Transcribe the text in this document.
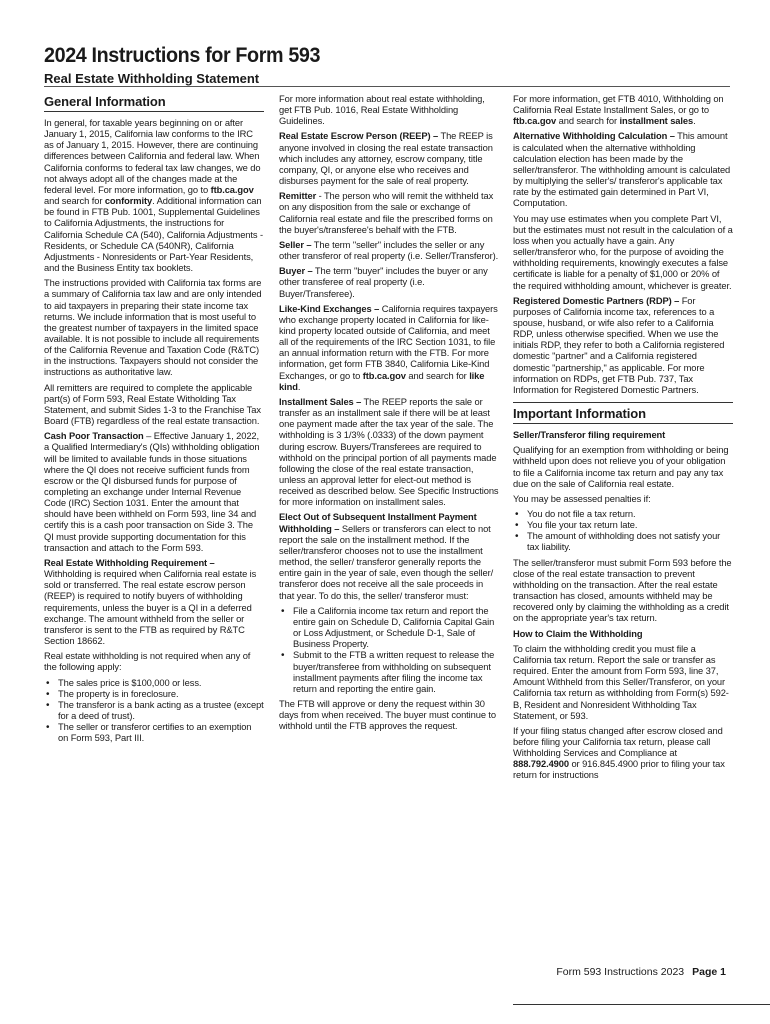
2024 Instructions for Form 593
Real Estate Withholding Statement
General Information

In general, for taxable years beginning on or after January 1, 2015, California law conforms to the IRC as of January 1, 2015. However, there are continuing differences between California and federal law. When California conforms to federal tax law changes, we do not always adopt all of the changes made at the federal level. For more information, go to ftb.ca.gov and search for conformity. Additional information can be found in FTB Pub. 1001, Supplemental Guidelines to California Adjustments, the instructions for California Schedule CA (540), California Adjustments - Residents, or Schedule CA (540NR), California Adjustments - Nonresidents or Part-Year Residents, and the Business Entity tax booklets.

The instructions provided with California tax forms are a summary of California tax law and are only intended to aid taxpayers in preparing their state income tax returns. We include information that is most useful to the greatest number of taxpayers in the limited space available. It is not possible to include all requirements of the California Revenue and Taxation Code (R&TC) in the instructions. Taxpayers should not consider the instructions as authoritative law.

All remitters are required to complete the applicable part(s) of Form 593, Real Estate Witholding Tax Statement, and submit Sides 1-3 to the Franchise Tax Board (FTB) regardless of the real estate transaction.

Cash Poor Transaction – Effective January 1, 2022, a Qualified Intermediary's (QIs) withholding obligation will be limited to available funds in those situations where the QI does not receive sufficient funds from escrow or the QI disbursed funds for purpose of completing an exchange under Internal Revenue Code (IRC) Section 1031. Enter the amount that should have been withheld on Form 593, line 34 and certify this is a cash poor transaction on Side 3. The QI must provide supporting documentation for this transaction and attach to the Form 593.

Real Estate Withholding Requirement – Withholding is required when California real estate is sold or transferred. The real estate escrow person (REEP) is required to notify buyers of withholding requirements, unless the buyer is a QI in a deferred exchange. The amount withheld from the seller or transferor is sent to the FTB as required by R&TC Section 18662.

Real estate withholding is not required when any of the following apply:

• The sales price is $100,000 or less.
• The property is in foreclosure.
• The transferor is a bank acting as a trustee (except for a deed of trust).
• The seller or transferor certifies to an exemption on Form 593, Part III.

For more information about real estate withholding, get FTB Pub. 1016, Real Estate Withholding Guidelines.

Real Estate Escrow Person (REEP) – The REEP is anyone involved in closing the real estate transaction which includes any attorney, escrow company, title company, QI, or anyone else who receives and disburses payment for the sale of real property.

Remitter - The person who will remit the withheld tax on any disposition from the sale or exchange of California real estate and file the prescribed forms on the buyer's/transferee's behalf with the FTB.

Seller – The term "seller" includes the seller or any other transferor of real property (i.e. Seller/Transferor).

Buyer – The term "buyer" includes the buyer or any other transferee of real property (i.e. Buyer/Transferee).

Like-Kind Exchanges – California requires taxpayers who exchange property located in California for like-kind property located outside of California, and meet all of the requirements of the IRC Section 1031, to file an annual information return with the FTB. For more information, get form FTB 3840, California Like-Kind Exchanges, or go to ftb.ca.gov and search for like kind.

Installment Sales – The REEP reports the sale or transfer as an installment sale if there will be at least one payment made after the tax year of the sale. The withholding is 3 1/3% (.0333) of the down payment during escrow. Buyers/Transferees are required to withhold on the principal portion of all payments made following the close of the real estate transaction, unless an approval letter for elect-out method is received as described below. See Specific Instructions for more information on installment sales.

Elect Out of Subsequent Installment Payment Withholding – Sellers or transferors can elect to not report the sale on the installment method. If the seller/transferor chooses not to use the installment method, the seller/ transferor generally reports the entire gain in the year of sale, even though the seller/ transferor does not receive all the sale proceeds in that year. To do this, the seller/ transferor must:

• File a California income tax return and report the entire gain on Schedule D, California Capital Gain or Loss Adjustment, or Schedule D-1, Sale of Business Property.
• Submit to the FTB a written request to release the buyer/transferee from withholding on subsequent installment payments after filing the income tax return and reporting the entire gain.

The FTB will approve or deny the request within 30 days from when received. The buyer must continue to withhold until the FTB approves the request.

For more information, get FTB 4010, Withholding on California Real Estate Installment Sales, or go to ftb.ca.gov and search for installment sales.

Alternative Withholding Calculation – This amount is calculated when the alternative withholding calculation election has been made by the seller/transferor. The withholding amount is calculated by multiplying the seller's/ transferor's applicable tax rate by the estimated gain determined in Part VI, Computation.

You may use estimates when you complete Part VI, but the estimates must not result in the calculation of a loss when you actually have a gain. Any seller/transferor who, for the purpose of avoiding the withholding requirements, knowingly executes a false certificate is liable for a penalty of $1,000 or 20% of the required withholding amount, whichever is greater.

Registered Domestic Partners (RDP) – For purposes of California income tax, references to a spouse, husband, or wife also refer to a California RDP, unless otherwise specified. When we use the initials RDP, they refer to both a California registered domestic "partner" and a California registered domestic "partnership," as applicable. For more information on RDPs, get FTB Pub. 737, Tax Information for Registered Domestic Partners.

Important Information

Seller/Transferor filing requirement

Qualifying for an exemption from withholding or being withheld upon does not relieve you of your obligation to file a California income tax return and pay any tax due on the sale of California real estate.

You may be assessed penalties if:

• You do not file a tax return.
• You file your tax return late.
• The amount of withholding does not satisfy your tax liability.

The seller/transferor must submit Form 593 before the close of the real estate transaction to prevent withholding on the transaction. After the real estate transaction has closed, amounts withheld may be recovered only by claiming the withholding as a credit on the appropriate year's tax return.

How to Claim the Withholding

To claim the withholding credit you must file a California tax return. Report the sale or transfer as required. Enter the amount from Form 593, line 37, Amount Withheld from this Seller/Transferor, on your California tax return as withholding from Form(s) 592-B, Resident and Nonresident Withholding Tax Statement, or 593.

If your filing status changed after escrow closed and before filing your California tax return, please call Withholding Services and Compliance at 888.792.4900 or 916.845.4900 prior to filing your tax return for instructions

Form 593 Instructions 2023 Page 1
